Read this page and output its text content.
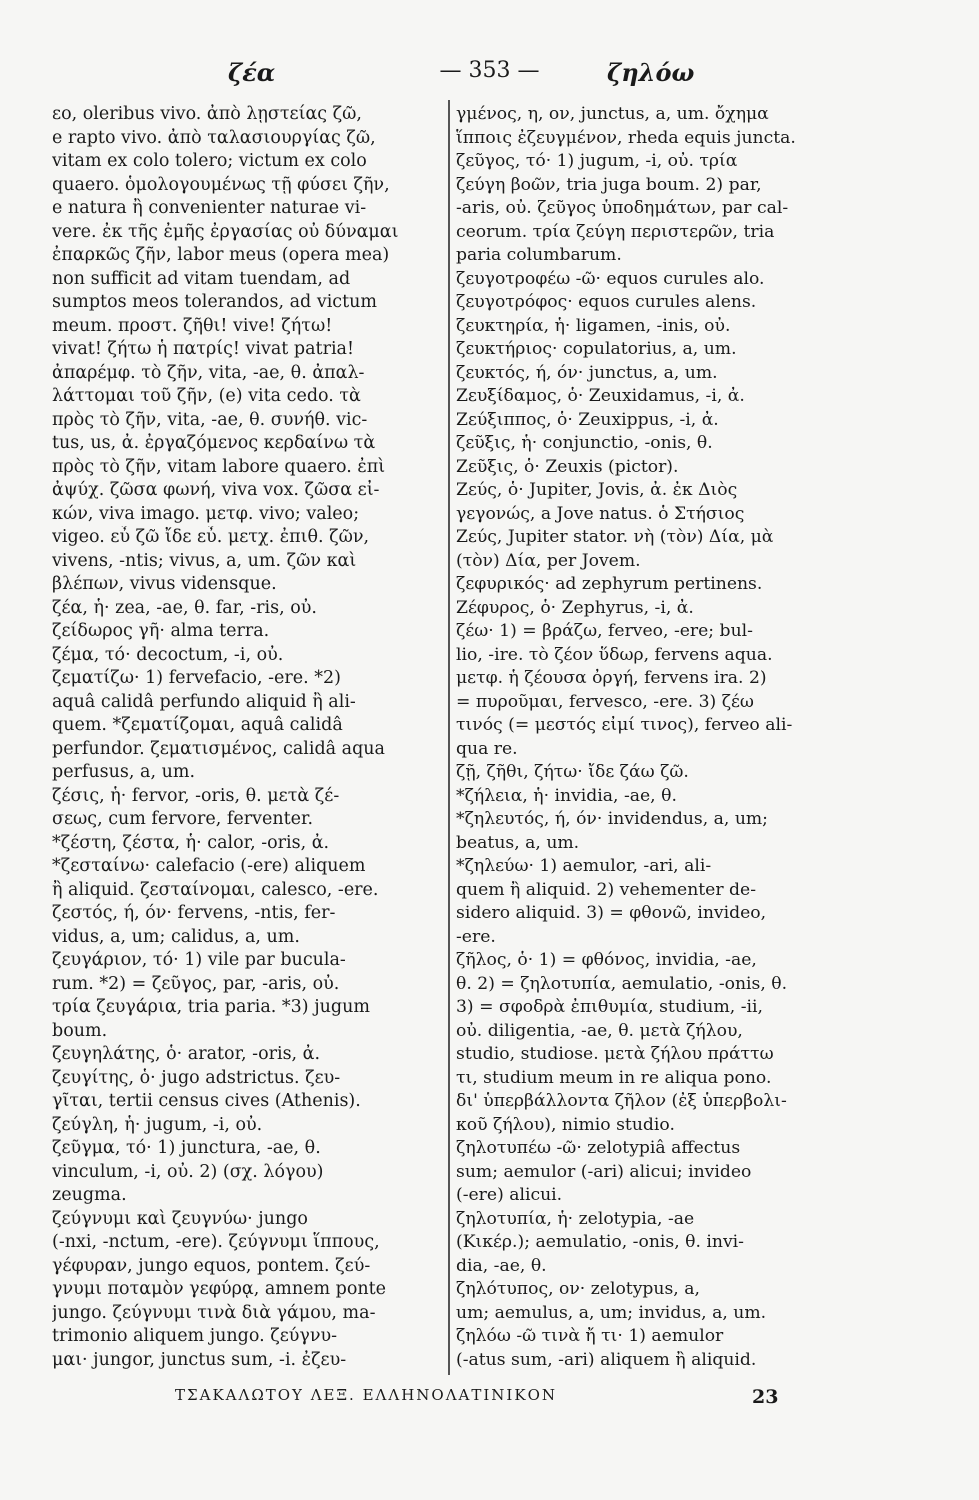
ζέα	— 353 —	ζηλόω
εο, oleribus vivo. ἀπὸ λῃστείας ζῶ,
e rapto vivo. ἀπὸ ταλασιουργίας ζῶ,
vitam ex colo tolero; victum ex colo
quaero. ὁμολογουμένως τῇ φύσει ζῆν,
e natura ἢ convenienter naturae vi-
vere. ἐκ τῆς ἐμῆς ἐργασίας οὐ δύναμαι
ἐπαρκῶς ζῆν, labor meus (opera mea)
non sufficit ad vitam tuendam, ad
sumptos meos tolerandos, ad victum
meum. προστ. ζῆθι! vive! ζήτω!
vivat! ζήτω ἡ πατρίς! vivat patria!
ἀπαρέμφ. τὸ ζῆν, vita, -ae, θ. ἀπαλ-
λάττομαι τοῦ ζῆν, (e) vita cedo. τὰ
πρὸς τὸ ζῆν, vita, -ae, θ. συνήθ. vic-
tus, us, ἀ. ἐργαζόμενος κερδαίνω τὰ
πρὸς τὸ ζῆν, vitam labore quaero. ἐπὶ
ἀψύχ. ζῶσα φωνή, viva vox. ζῶσα εἰ-
κών, viva imago. μετφ. vivo; valeo;
vigeo. εὖ ζῶ ἴδε εὖ. μετχ. ἐπιθ. ζῶν,
vivens, -ntis; vivus, a, um. ζῶν καὶ
βλέπων, vivus vidensque.
ζέα, ἡ· zea, -ae, θ. far, -ris, οὐ.
ζείδωρος γῆ· alma terra.
ζέμα, τό· decoctum, -i, οὐ.
ζεματίζω· 1) fervefacio, -ere. *2)
aquâ calidâ perfundo aliquid ἢ ali-
quem. *ζεματίζομαι, aquâ calidâ
perfundor. ζεματισμένος, calidâ aqua
perfusus, a, um.
ζέσις, ἡ· fervor, -oris, θ. μετὰ ζέ-
σεως, cum fervore, ferventer.
*ζέστη, ζέστα, ἡ· calor, -oris, ἀ.
*ζεσταίνω· calefacio (-ere) aliquem
ἢ aliquid. ζεσταίνομαι, calesco, -ere.
ζεστός, ή, όν· fervens, -ntis, fer-
vidus, a, um; calidus, a, um.
ζευγάριον, τό· 1) vile par bucula-
rum. *2) = ζεῦγος, par, -aris, οὐ.
τρία ζευγάρια, tria paria. *3) jugum
boum.
ζευγηλάτης, ὁ· arator, -oris, ἀ.
ζευγίτης, ὁ· jugo adstrictus. ζευ-
γῖται, tertii census cives (Athenis).
ζεύγλη, ἡ· jugum, -i, οὐ.
ζεῦγμα, τό· 1) junctura, -ae, θ.
vinculum, -i, οὐ. 2) (σχ. λόγου)
zeugma.
ζεύγνυμι καὶ ζευγνύω· jungo
(-nxi, -nctum, -ere). ζεύγνυμι ἵππους,
γέφυραν, jungo equos, pontem. ζεύ-
γνυμι ποταμὸν γεφύρᾳ, amnem ponte
jungo. ζεύγνυμι τινὰ διὰ γάμου, ma-
trimonio aliquem jungo. ζεύγνυ-
μαι· jungor, junctus sum, -i. ἐζευ-
γμένος, η, ον, junctus, a, um. ὄχημα
ἵπποις ἐζευγμένον, rheda equis juncta.
ζεῦγος, τό· 1) jugum, -i, οὐ. τρία
ζεύγη βοῶν, tria juga boum. 2) par,
-aris, οὐ. ζεῦγος ὑποδημάτων, par cal-
ceorum. τρία ζεύγη περιστερῶν, tria
paria columbarum.
ζευγοτροφέω -ῶ· equos curules alo.
ζευγοτρόφος· equos curules alens.
ζευκτηρία, ἡ· ligamen, -inis, οὐ.
ζευκτήριος· copulatorius, a, um.
ζευκτός, ή, όν· junctus, a, um.
Ζευξίδαμος, ὁ· Zeuxidamus, -i, ἀ.
Ζεύξιππος, ὁ· Zeuxippus, -i, ἀ.
ζεῦξις, ἡ· conjunctio, -onis, θ.
Ζεῦξις, ὁ· Zeuxis (pictor).
Ζεύς, ὁ· Jupiter, Jovis, ἀ. ἐκ Διὸς
γεγονώς, a Jove natus. ὁ Στήσιος
Ζεύς, Jupiter stator. νὴ (τὸν) Δία, μὰ
(τὸν) Δία, per Jovem.
ζεφυρικός· ad zephyrum pertinens.
Ζέφυρος, ὁ· Zephyrus, -i, ἀ.
ζέω· 1) = βράζω, ferveo, -ere; bul-
lio, -ire. τὸ ζέον ὕδωρ, fervens aqua.
μετφ. ἡ ζέουσα ὀργή, fervens ira. 2)
= πυροῦμαι, fervesco, -ere. 3) ζέω
τινός (= μεστός εἰμί τινος), ferveo ali-
qua re.
ζῇ, ζῆθι, ζήτω· ἴδε ζάω ζῶ.
*ζήλεια, ἡ· invidia, -ae, θ.
*ζηλευτός, ή, όν· invidendus, a, um;
beatus, a, um.
*ζηλεύω· 1) aemulor, -ari, ali-
quem ἢ aliquid. 2) vehementer de-
sidero aliquid. 3) = φθονῶ, invideo,
-ere.
ζῆλος, ὁ· 1) = φθόνος, invidia, -ae,
θ. 2) = ζηλοτυπία, aemulatio, -onis, θ.
3) = σφοδρὰ ἐπιθυμία, studium, -ii,
οὐ. diligentia, -ae, θ. μετὰ ζήλου,
studio, studiose. μετὰ ζήλου πράττω
τι, studium meum in re aliqua pono.
δι' ὑπερβάλλοντα ζῆλον (ἐξ ὑπερβολι-
κοῦ ζήλου), nimio studio.
ζηλοτυπέω -ῶ· zelotypiâ affectus
sum; aemulor (-ari) alicui; invideo
(-ere) alicui.
ζηλοτυπία, ἡ· zelotypia, -ae
(Κικέρ.); aemulatio, -onis, θ. invi-
dia, -ae, θ.
ζηλότυπος, ον· zelotypus, a,
um; aemulus, a, um; invidus, a, um.
ζηλόω -ῶ τινὰ ἤ τι· 1) aemulor
(-atus sum, -ari) aliquem ἢ aliquid.
ΤΣΑΚΑΛΩΤΟΥ ΛΕΞ. ΕΛΛΗΝΟΛΑΤΙΝΙΚΟΝ	23
